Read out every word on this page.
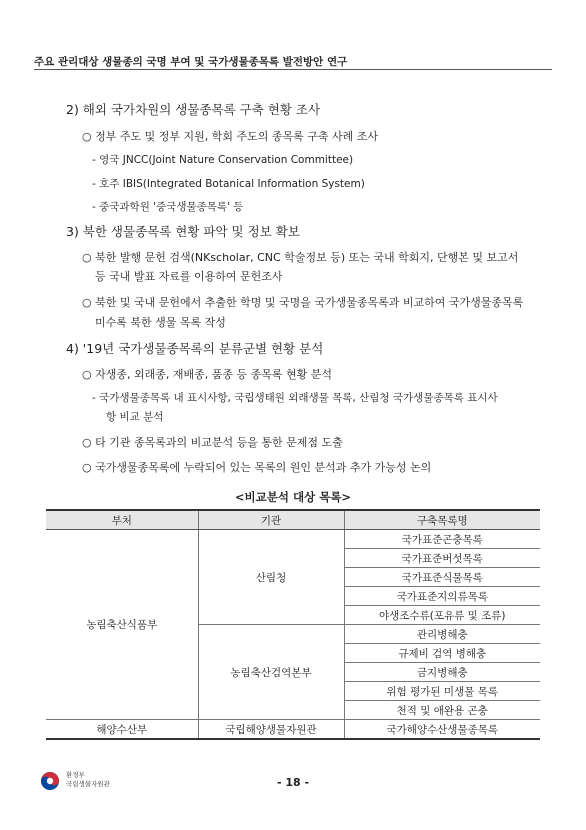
주요 관리대상 생물종의 국명 부여 및 국가생물종목록 발전방안 연구
2) 해외 국가차원의 생물종목록 구축 현황 조사
○ 정부 주도 및 정부 지원, 학회 주도의 종목록 구축 사례 조사
- 영국 JNCC(Joint Nature Conservation Committee)
- 호주 IBIS(Integrated Botanical Information System)
- 중국과학원 '중국생물종목록' 등
3) 북한 생물종목록 현황 파악 및 정보 확보
○ 북한 발행 문헌 검색(NKscholar, CNC 학술정보 등) 또는 국내 학회지, 단행본 및 보고서
등 국내 발표 자료를 이용하여 문헌조사
○ 북한 및 국내 문헌에서 추출한 학명 및 국명을 국가생물종목록과 비교하여 국가생물종목록
미수록 북한 생물 목록 작성
4) '19년 국가생물종목록의 분류군별 현황 분석
○ 자생종, 외래종, 재배종, 품종 등 종목록 현황 분석
- 국가생물종목록 내 표시사항, 국립생태원 외래생물 목록, 산림청 국가생물종목록 표시사
항 비교 분석
○ 타 기관 종목록과의 비교분석 등을 통한 문제점 도출
○ 국가생물종목록에 누락되어 있는 목록의 원인 분석과 추가 가능성 논의
<비교분석 대상 목록>
부처	기관	구축목록명
농림축산식품부	산림청	국가표준곤충목록
		국가표준버섯목록
		국가표준식물목록
		국가표준지의류목록
		야생조수류(포유류 및 조류)
	농림축산검역본부	관리병해충
		규제비 검역 병해충
		금지병해충
		위험 평가된 미생물 목록
		천적 및 애완용 곤충
해양수산부	국립해양생물자원관	국가해양수산생물종목록
환경부
국립생물자원관	- 18 -
